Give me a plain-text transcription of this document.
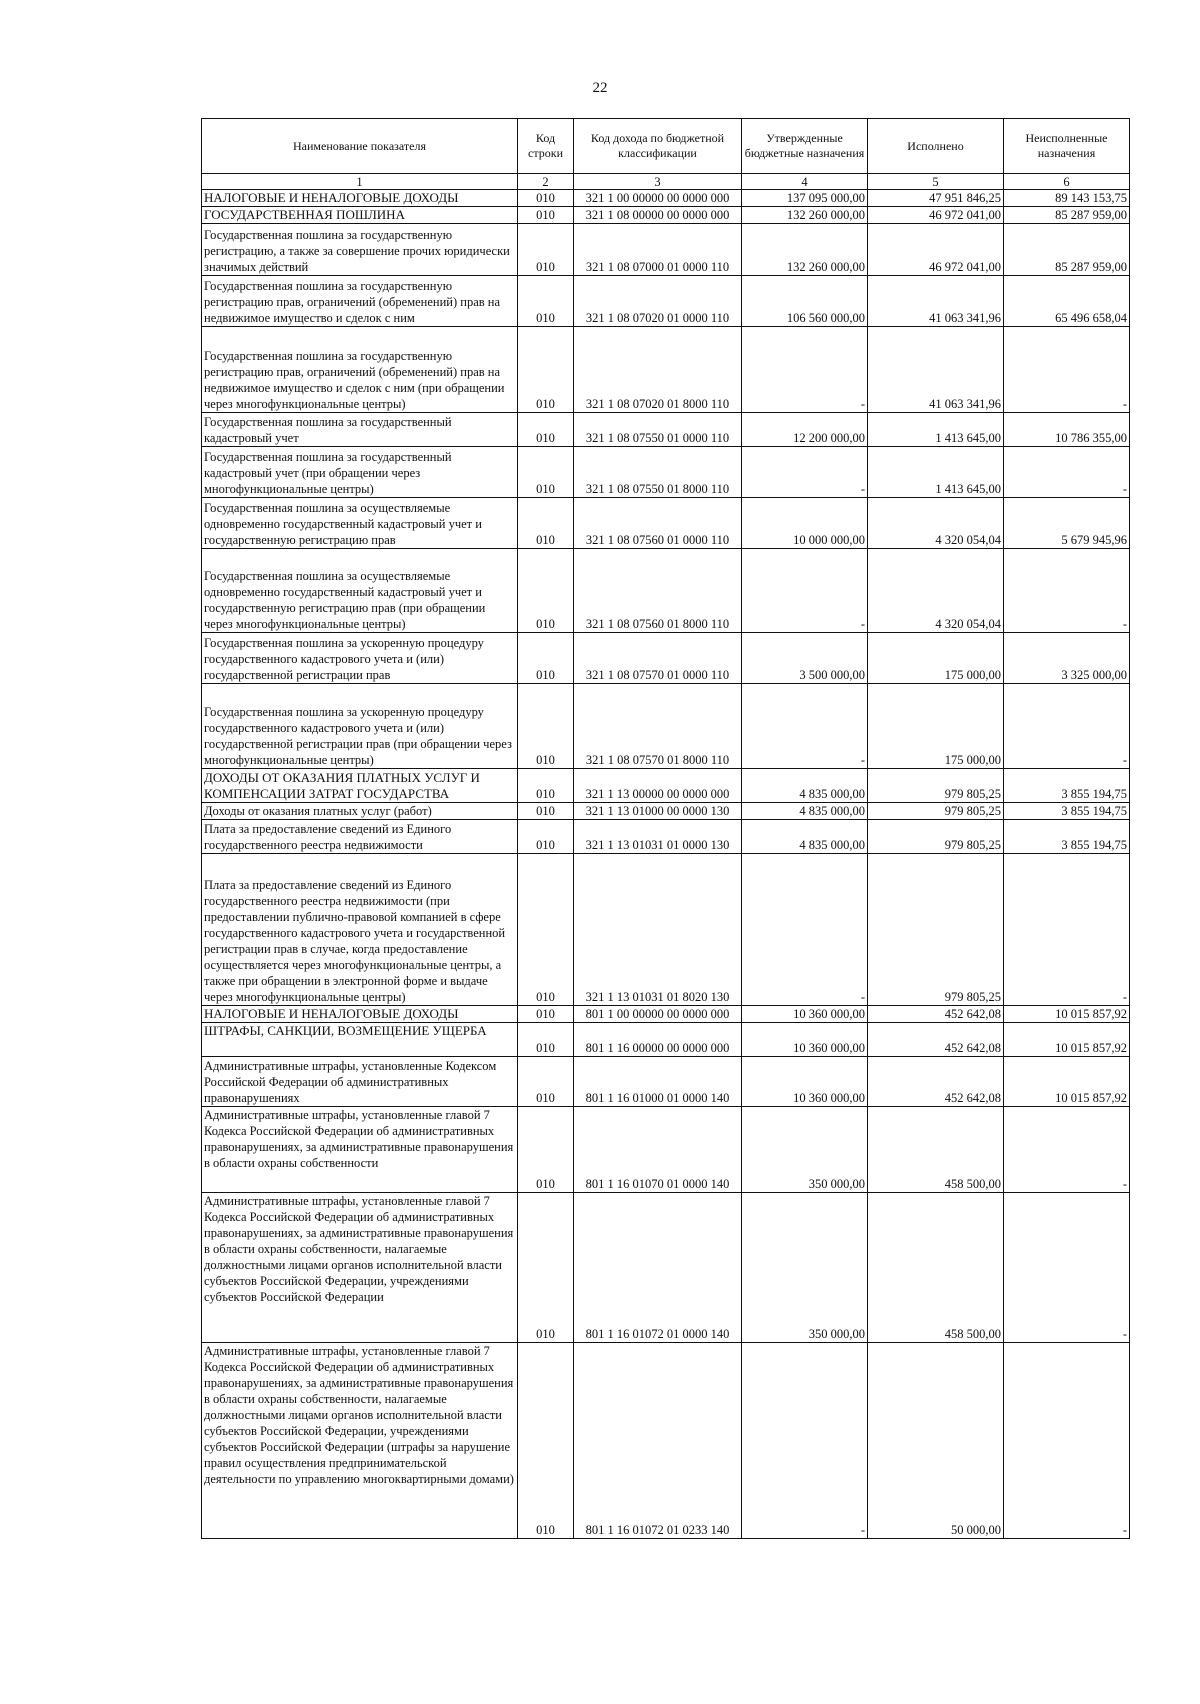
22
Наименование показателя	Код строки	Код дохода по бюджетной классификации	Утвержденные бюджетные назначения	Исполнено	Неисполненные назначения
1	2	3	4	5	6
НАЛОГОВЫЕ И НЕНАЛОГОВЫЕ ДОХОДЫ	010	321 1 00 00000 00 0000 000	137 095 000,00	47 951 846,25	89 143 153,75
ГОСУДАРСТВЕННАЯ ПОШЛИНА	010	321 1 08 00000 00 0000 000	132 260 000,00	46 972 041,00	85 287 959,00
Государственная пошлина за государственную регистрацию, а также за совершение прочих юридически значимых действий	010	321 1 08 07000 01 0000 110	132 260 000,00	46 972 041,00	85 287 959,00
Государственная пошлина за государственную регистрацию прав, ограничений (обременений) прав на недвижимое имущество и сделок с ним	010	321 1 08 07020 01 0000 110	106 560 000,00	41 063 341,96	65 496 658,04
Государственная пошлина за государственную регистрацию прав, ограничений (обременений) прав на недвижимое имущество и сделок с ним (при обращении через многофункциональные центры)	010	321 1 08 07020 01 8000 110	-	41 063 341,96	-
Государственная пошлина за государственный кадастровый учет	010	321 1 08 07550 01 0000 110	12 200 000,00	1 413 645,00	10 786 355,00
Государственная пошлина за государственный кадастровый учет (при обращении через многофункциональные центры)	010	321 1 08 07550 01 8000 110	-	1 413 645,00	-
Государственная пошлина за осуществляемые одновременно государственный кадастровый учет и государственную регистрацию прав	010	321 1 08 07560 01 0000 110	10 000 000,00	4 320 054,04	5 679 945,96
Государственная пошлина за осуществляемые одновременно государственный кадастровый учет и государственную регистрацию прав (при обращении через многофункциональные центры)	010	321 1 08 07560 01 8000 110	-	4 320 054,04	-
Государственная пошлина за ускоренную процедуру государственного кадастрового учета и (или) государственной регистрации прав	010	321 1 08 07570 01 0000 110	3 500 000,00	175 000,00	3 325 000,00
Государственная пошлина за ускоренную процедуру государственного кадастрового учета и (или) государственной регистрации прав (при обращении через многофункциональные центры)	010	321 1 08 07570 01 8000 110	-	175 000,00	-
ДОХОДЫ ОТ ОКАЗАНИЯ ПЛАТНЫХ УСЛУГ И КОМПЕНСАЦИИ ЗАТРАТ ГОСУДАРСТВА	010	321 1 13 00000 00 0000 000	4 835 000,00	979 805,25	3 855 194,75
Доходы от оказания платных услуг (работ)	010	321 1 13 01000 00 0000 130	4 835 000,00	979 805,25	3 855 194,75
Плата за предоставление сведений из Единого государственного реестра недвижимости	010	321 1 13 01031 01 0000 130	4 835 000,00	979 805,25	3 855 194,75
Плата за предоставление сведений из Единого государственного реестра недвижимости (при предоставлении публично-правовой компанией в сфере государственного кадастрового учета и государственной регистрации прав в случае, когда предоставление осуществляется через многофункциональные центры, а также при обращении в электронной форме и выдаче через многофункциональные центры)	010	321 1 13 01031 01 8020 130	-	979 805,25	-
НАЛОГОВЫЕ И НЕНАЛОГОВЫЕ ДОХОДЫ	010	801 1 00 00000 00 0000 000	10 360 000,00	452 642,08	10 015 857,92
ШТРАФЫ, САНКЦИИ, ВОЗМЕЩЕНИЕ УЩЕРБА	010	801 1 16 00000 00 0000 000	10 360 000,00	452 642,08	10 015 857,92
Административные штрафы, установленные Кодексом Российской Федерации об административных правонарушениях	010	801 1 16 01000 01 0000 140	10 360 000,00	452 642,08	10 015 857,92
Административные штрафы, установленные главой 7 Кодекса Российской Федерации об административных правонарушениях, за административные правонарушения в области охраны собственности	010	801 1 16 01070 01 0000 140	350 000,00	458 500,00	-
Административные штрафы, установленные главой 7 Кодекса Российской Федерации об административных правонарушениях, за административные правонарушения в области охраны собственности, налагаемые должностными лицами органов исполнительной власти субъектов Российской Федерации, учреждениями субъектов Российской Федерации	010	801 1 16 01072 01 0000 140	350 000,00	458 500,00	-
Административные штрафы, установленные главой 7 Кодекса Российской Федерации об административных правонарушениях, за административные правонарушения в области охраны собственности, налагаемые должностными лицами органов исполнительной власти субъектов Российской Федерации, учреждениями субъектов Российской Федерации (штрафы за нарушение правил осуществления предпринимательской деятельности по управлению многоквартирными домами)	010	801 1 16 01072 01 0233 140	-	50 000,00	-
